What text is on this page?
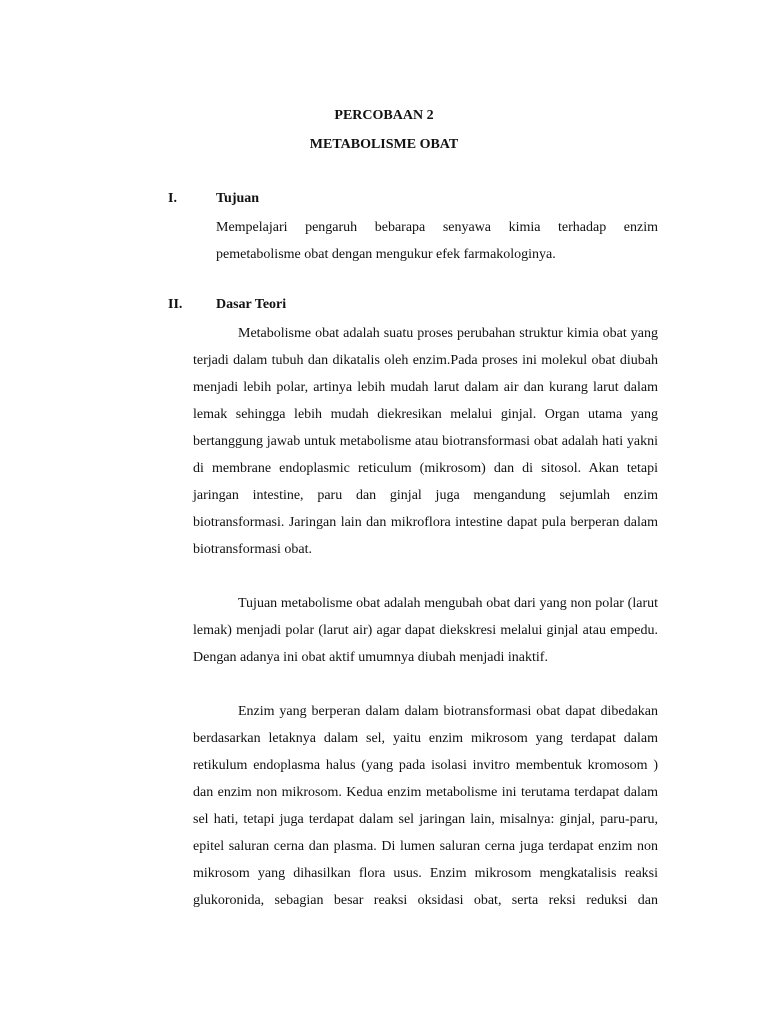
PERCOBAAN 2
METABOLISME OBAT
I.	Tujuan

Mempelajari pengaruh bebarapa senyawa kimia terhadap enzim pemetabolisme obat dengan mengukur efek farmakologinya.

II. Dasar Teori

Metabolisme obat adalah suatu proses perubahan struktur kimia obat yang terjadi dalam tubuh dan dikatalis oleh enzim.Pada proses ini molekul obat diubah menjadi lebih polar, artinya lebih mudah larut dalam air dan kurang larut dalam lemak sehingga lebih mudah diekresikan melalui ginjal. Organ utama yang bertanggung jawab untuk metabolisme atau biotransformasi obat adalah hati yakni di membrane endoplasmic reticulum (mikrosom) dan di sitosol. Akan tetapi jaringan intestine, paru dan ginjal juga mengandung sejumlah enzim biotransformasi. Jaringan lain dan mikroflora intestine dapat pula berperan dalam biotransformasi obat.

Tujuan metabolisme obat adalah mengubah obat dari yang non polar (larut lemak) menjadi polar (larut air) agar dapat diekskresi melalui ginjal atau empedu. Dengan adanya ini obat aktif umumnya diubah menjadi inaktif.

Enzim yang berperan dalam dalam biotransformasi obat dapat dibedakan berdasarkan letaknya dalam sel, yaitu enzim mikrosom yang terdapat dalam retikulum endoplasma halus (yang pada isolasi invitro membentuk kromosom ) dan enzim non mikrosom. Kedua enzim metabolisme ini terutama terdapat dalam sel hati, tetapi juga terdapat dalam sel jaringan lain, misalnya: ginjal, paru-paru, epitel saluran cerna dan plasma. Di lumen saluran cerna juga terdapat enzim non mikrosom yang dihasilkan flora usus. Enzim mikrosom mengkatalisis reaksi glukoronida, sebagian besar reaksi oksidasi obat, serta reksi reduksi dan
